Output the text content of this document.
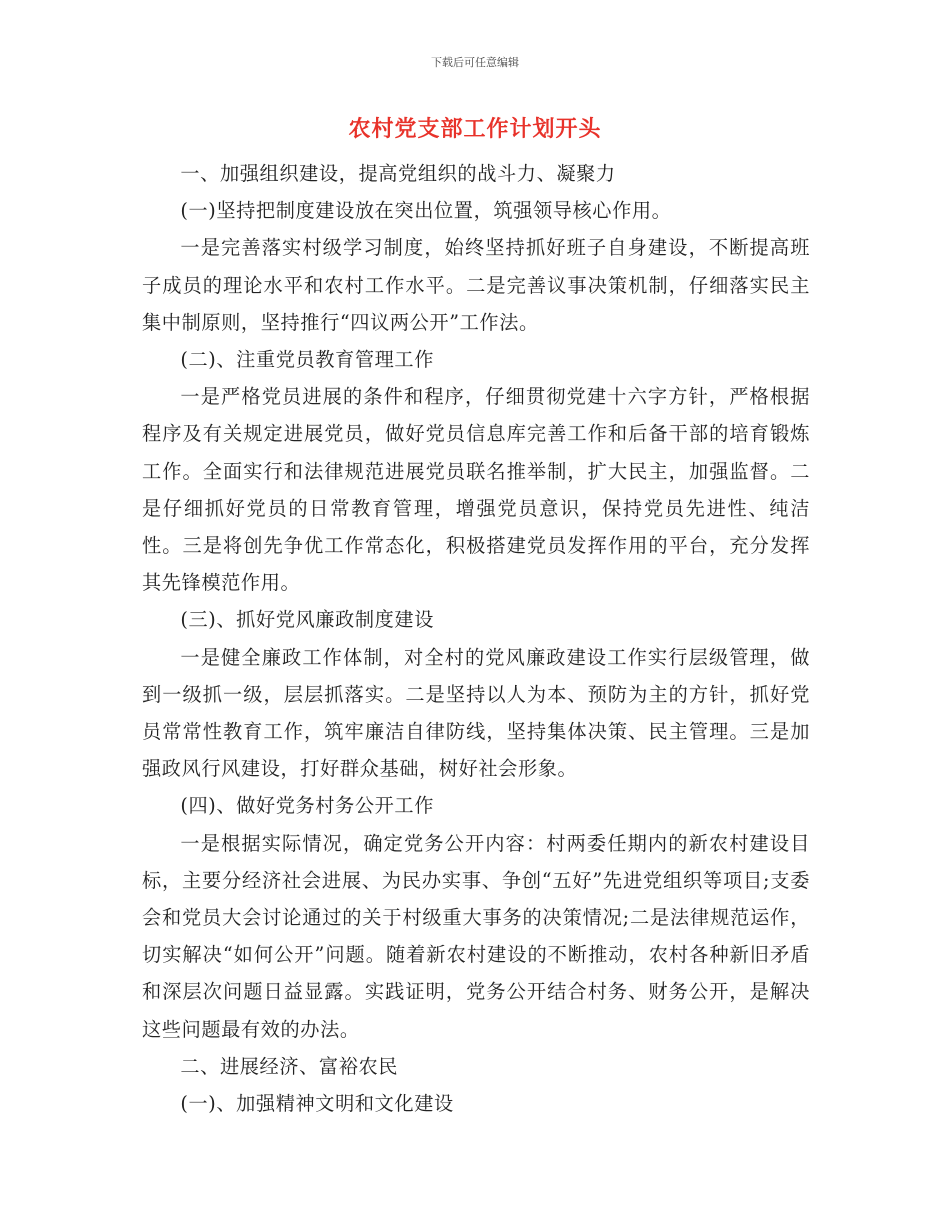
下载后可任意编辑
农村党支部工作计划开头

一、加强组织建设，提高党组织的战斗力、凝聚力

(一)坚持把制度建设放在突出位置，筑强领导核心作用。

一是完善落实村级学习制度，始终坚持抓好班子自身建设，不断提高班子成员的理论水平和农村工作水平。二是完善议事决策机制，仔细落实民主集中制原则，坚持推行“四议两公开”工作法。

(二)、注重党员教育管理工作

一是严格党员进展的条件和程序，仔细贯彻党建十六字方针，严格根据程序及有关规定进展党员，做好党员信息库完善工作和后备干部的培育锻炼工作。全面实行和法律规范进展党员联名推举制，扩大民主，加强监督。二是仔细抓好党员的日常教育管理，增强党员意识，保持党员先进性、纯洁性。三是将创先争优工作常态化，积极搭建党员发挥作用的平台，充分发挥其先锋模范作用。

(三)、抓好党风廉政制度建设

一是健全廉政工作体制，对全村的党风廉政建设工作实行层级管理，做到一级抓一级，层层抓落实。二是坚持以人为本、预防为主的方针，抓好党员常常性教育工作，筑牢廉洁自律防线，坚持集体决策、民主管理。三是加强政风行风建设，打好群众基础，树好社会形象。

(四)、做好党务村务公开工作

一是根据实际情况，确定党务公开内容：村两委任期内的新农村建设目标，主要分经济社会进展、为民办实事、争创“五好”先进党组织等项目;支委会和党员大会讨论通过的关于村级重大事务的决策情况;二是法律规范运作，切实解决“如何公开”问题。随着新农村建设的不断推动，农村各种新旧矛盾和深层次问题日益显露。实践证明，党务公开结合村务、财务公开，是解决这些问题最有效的办法。

二、进展经济、富裕农民

(一)、加强精神文明和文化建设
